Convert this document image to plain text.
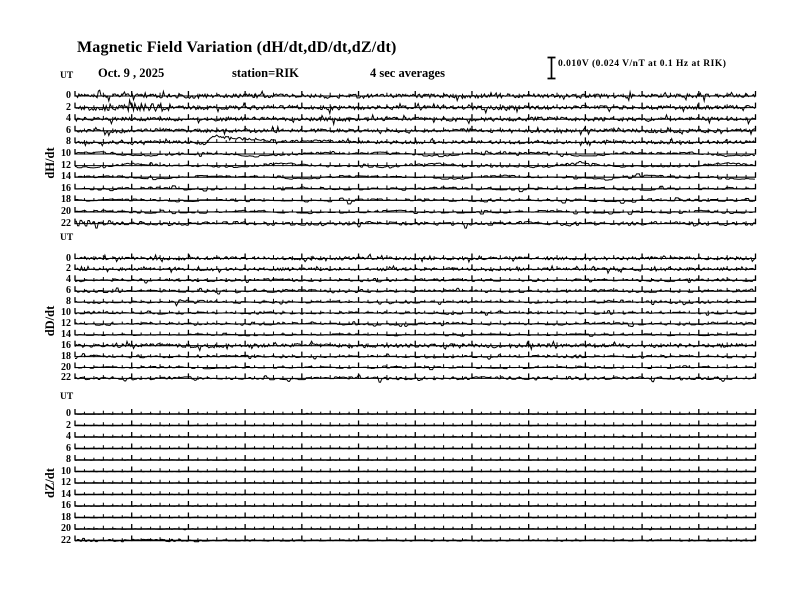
Magnetic Field Variation (dH/dt,dD/dt,dZ/dt)
Oct. 9 , 2025	station=RIK	4 sec averages
0.010V (0.024 V/nT at 0.1 Hz at RIK)
UT
UT
UT
dH/dt
dD/dt
dZ/dt
0
2
4
6
8
10
12
14
16
18
20
22
0
2
4
6
8
10
12
14
16
18
20
22
0
2
4
6
8
10
12
14
16
18
20
22
